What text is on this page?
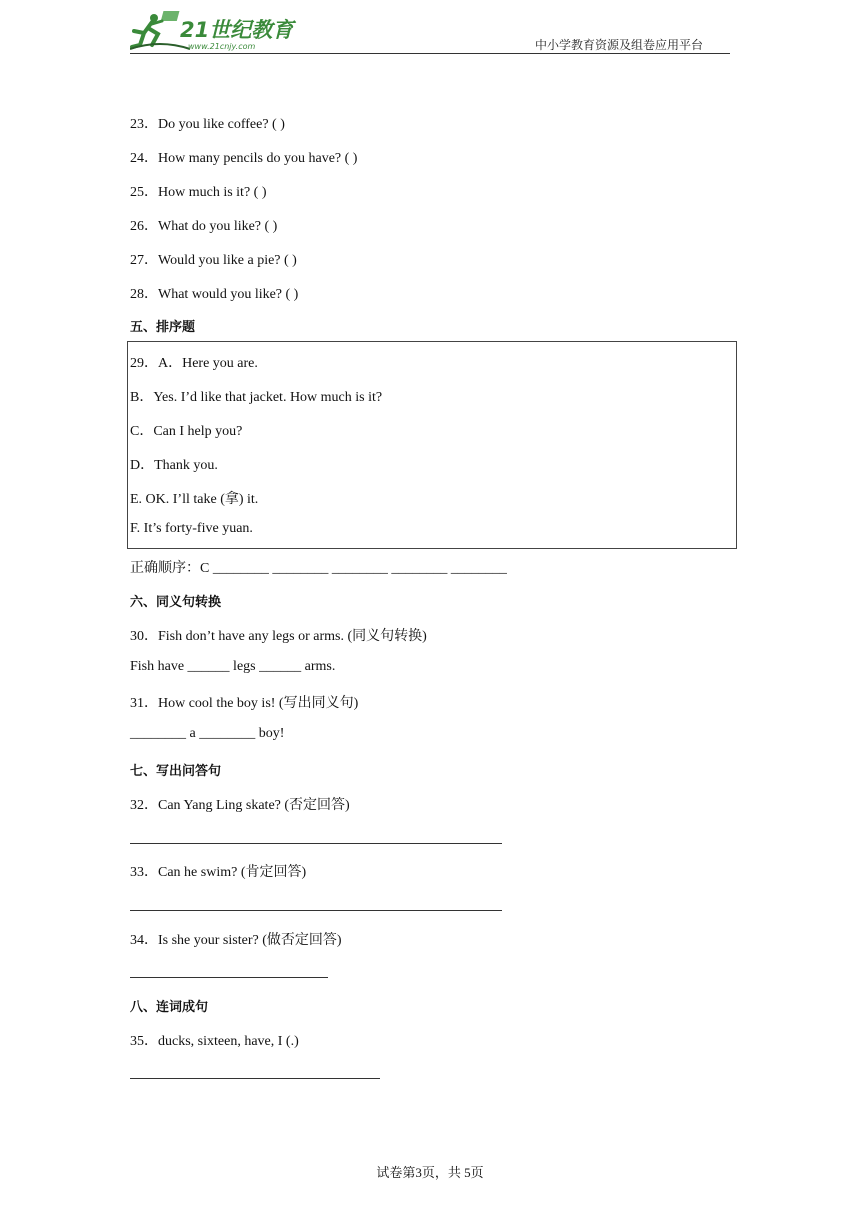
21世纪教育
www.21cnjy.com	中小学教育资源及组卷应用平台
23．Do you like coffee? ( )
24．How many pencils do you have? ( )
25．How much is it? ( )
26．What do you like? ( )
27．Would you like a pie? ( )
28．What would you like? ( )
五、排序题
29．A．Here you are.
B．Yes. I’d like that jacket. How much is it?
C．Can I help you?
D．Thank you.
E. OK. I’ll take (拿) it.
F. It’s forty-five yuan.
正确顺序：C ________ ________ ________ ________ ________
六、同义句转换
30．Fish don’t have any legs or arms. (同义句转换)
Fish have ______ legs ______ arms.
31．How cool the boy is! (写出同义句)
________ a ________ boy!
七、写出问答句
32．Can Yang Ling skate? (否定回答)
33．Can he swim? (肯定回答)
34．Is she your sister? (做否定回答)
八、连词成句
35．ducks, sixteen, have, I (.)
试卷第3页，共 5页
